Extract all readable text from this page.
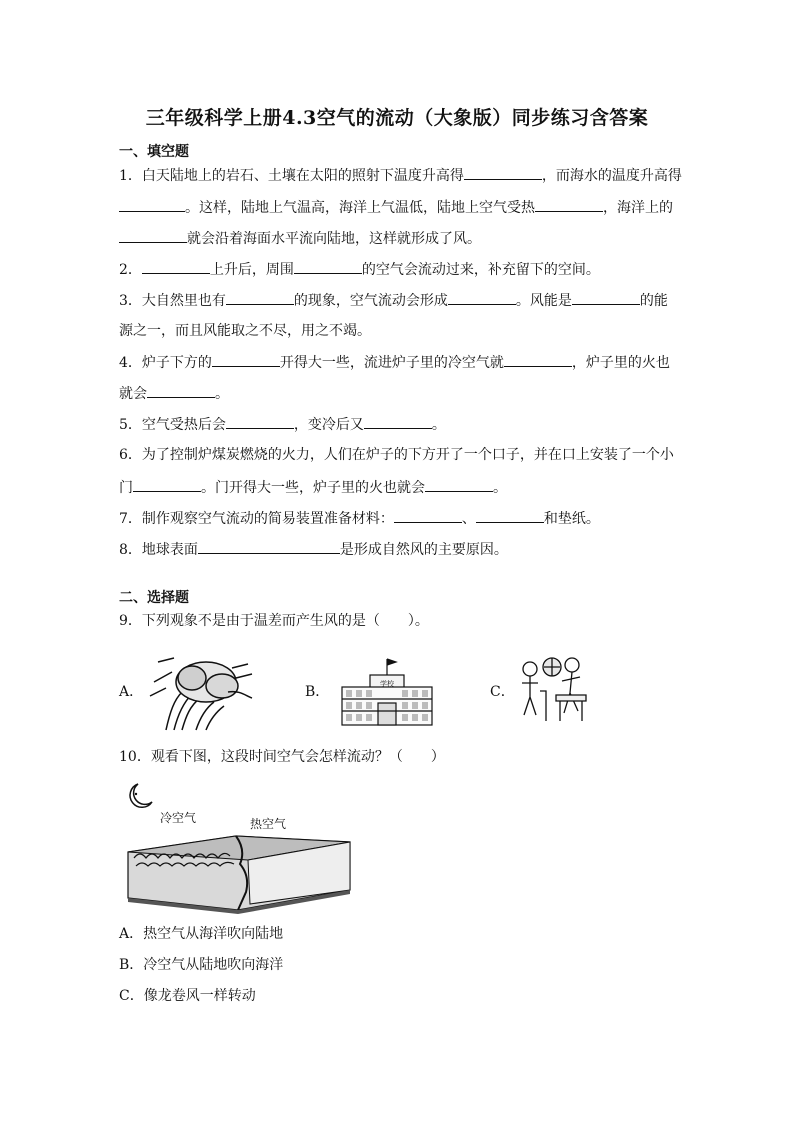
三年级科学上册4.3空气的流动（大象版）同步练习含答案
一、填空题
1．白天陆地上的岩石、土壤在太阳的照射下温度升高得	，而海水的温度升高得
。这样，陆地上气温高，海洋上气温低，陆地上空气受热	，海洋上的
就会沿着海面水平流向陆地，这样就形成了风。
2．	上升后，周围	的空气会流动过来，补充留下的空间。
3．大自然里也有	的现象，空气流动会形成	。风能是	的能
源之一，而且风能取之不尽，用之不竭。
4．炉子下方的	开得大一些，流进炉子里的冷空气就	，炉子里的火也
就会	。
5．空气受热后会	，变冷后又	。
6．为了控制炉煤炭燃烧的火力，人们在炉子的下方开了一个口子，并在口上安装了一个小
门	。门开得大一些，炉子里的火也就会	。
7．制作观察空气流动的简易装置准备材料：	、	和垫纸。
8．地球表面	是形成自然风的主要原因。
二、选择题
9．下列观象不是由于温差而产生风的是（　　）。
A．	B．	学校	C．
10．观看下图，这段时间空气会怎样流动？（　　）
冷空气	热空气
A．热空气从海洋吹向陆地
B．冷空气从陆地吹向海洋
C．像龙卷风一样转动
